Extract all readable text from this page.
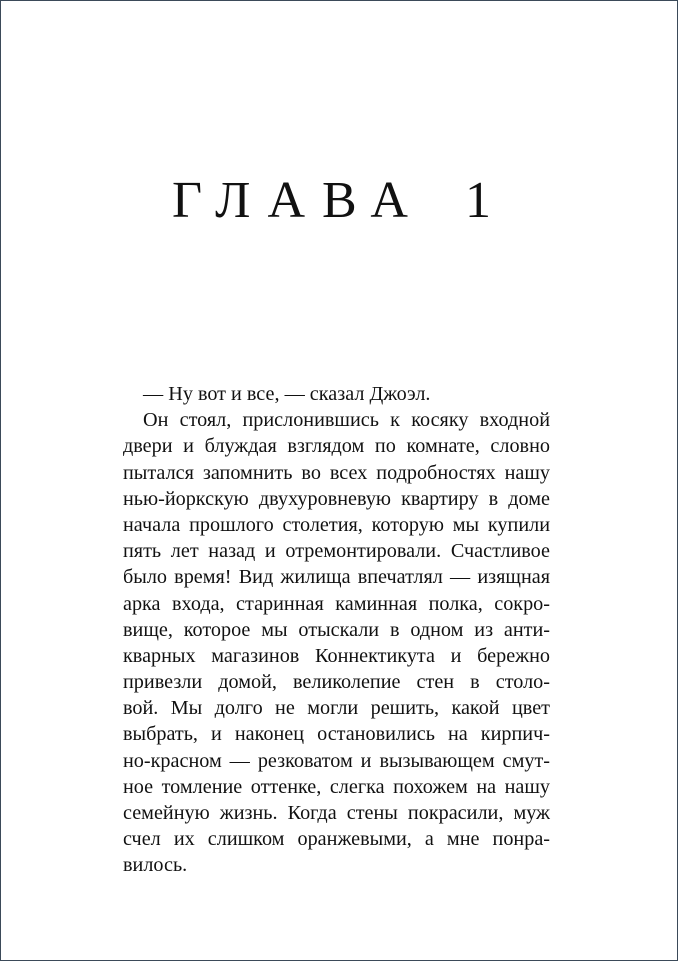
ГЛАВА 1
— Ну вот и все, — сказал Джоэл.
Он стоял, прислонившись к косяку входной
двери и блуждая взглядом по комнате, словно
пытался запомнить во всех подробностях нашу
нью-йоркскую двухуровневую квартиру в доме
начала прошлого столетия, которую мы купили
пять лет назад и отремонтировали. Счастливое
было время! Вид жилища впечатлял — изящная
арка входа, старинная каминная полка, сокро-
вище, которое мы отыскали в одном из анти-
кварных магазинов Коннектикута и бережно
привезли домой, великолепие стен в столо-
вой. Мы долго не могли решить, какой цвет
выбрать, и наконец остановились на кирпич-
но-красном — резковатом и вызывающем смут-
ное томление оттенке, слегка похожем на нашу
семейную жизнь. Когда стены покрасили, муж
счел их слишком оранжевыми, а мне понра-
вилось.
